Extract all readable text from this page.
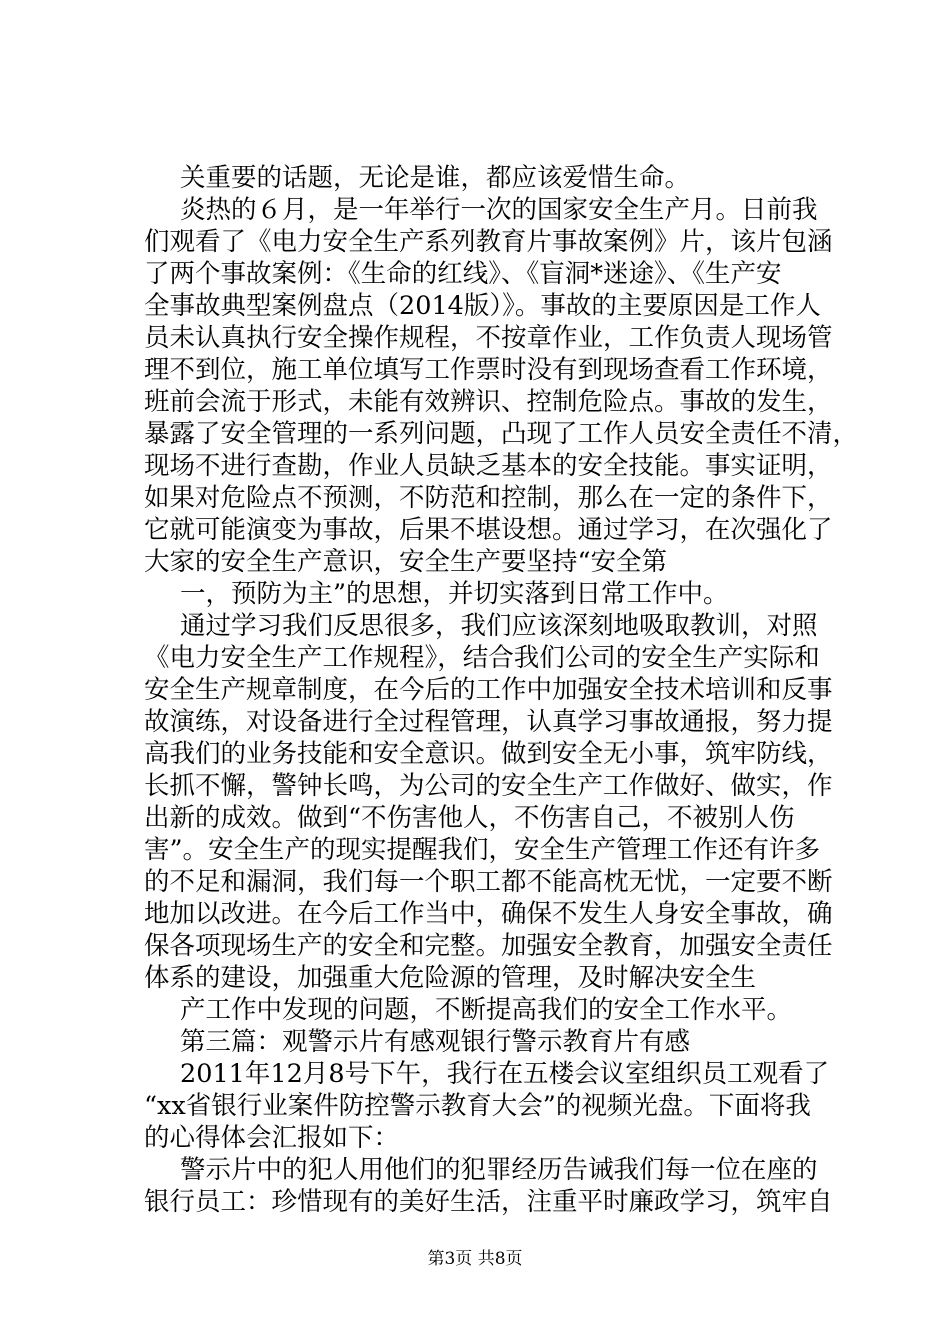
关重要的话题，无论是谁，都应该爱惜生命。
炎热的６月，是一年举行一次的国家安全生产月。日前我
们观看了《电力安全生产系列教育片事故案例》片，该片包涵
了两个事故案例：《生命的红线》、《盲洞*迷途》、《生产安
全事故典型案例盘点（2014版）》。事故的主要原因是工作人
员未认真执行安全操作规程，不按章作业，工作负责人现场管
理不到位，施工单位填写工作票时没有到现场查看工作环境，
班前会流于形式，未能有效辨识、控制危险点。事故的发生，
暴露了安全管理的一系列问题，凸现了工作人员安全责任不清，
现场不进行查勘，作业人员缺乏基本的安全技能。事实证明，
如果对危险点不预测，不防范和控制，那么在一定的条件下，
它就可能演变为事故，后果不堪设想。通过学习，在次强化了
大家的安全生产意识，安全生产要坚持“安全第
一，预防为主”的思想，并切实落到日常工作中。
通过学习我们反思很多，我们应该深刻地吸取教训，对照
《电力安全生产工作规程》，结合我们公司的安全生产实际和
安全生产规章制度，在今后的工作中加强安全技术培训和反事
故演练，对设备进行全过程管理，认真学习事故通报，努力提
高我们的业务技能和安全意识。做到安全无小事，筑牢防线，
长抓不懈，警钟长鸣，为公司的安全生产工作做好、做实，作
出新的成效。做到“不伤害他人，不伤害自己，不被别人伤
害”。安全生产的现实提醒我们，安全生产管理工作还有许多
的不足和漏洞，我们每一个职工都不能高枕无忧，一定要不断
地加以改进。在今后工作当中，确保不发生人身安全事故，确
保各项现场生产的安全和完整。加强安全教育，加强安全责任
体系的建设，加强重大危险源的管理，及时解决安全生
产工作中发现的问题，不断提高我们的安全工作水平。
第三篇：观警示片有感观银行警示教育片有感
2011年12月8号下午，我行在五楼会议室组织员工观看了
“xx省银行业案件防控警示教育大会”的视频光盘。下面将我
的心得体会汇报如下：
警示片中的犯人用他们的犯罪经历告诫我们每一位在座的
银行员工：珍惜现有的美好生活，注重平时廉政学习，筑牢自
第3页 共8页
